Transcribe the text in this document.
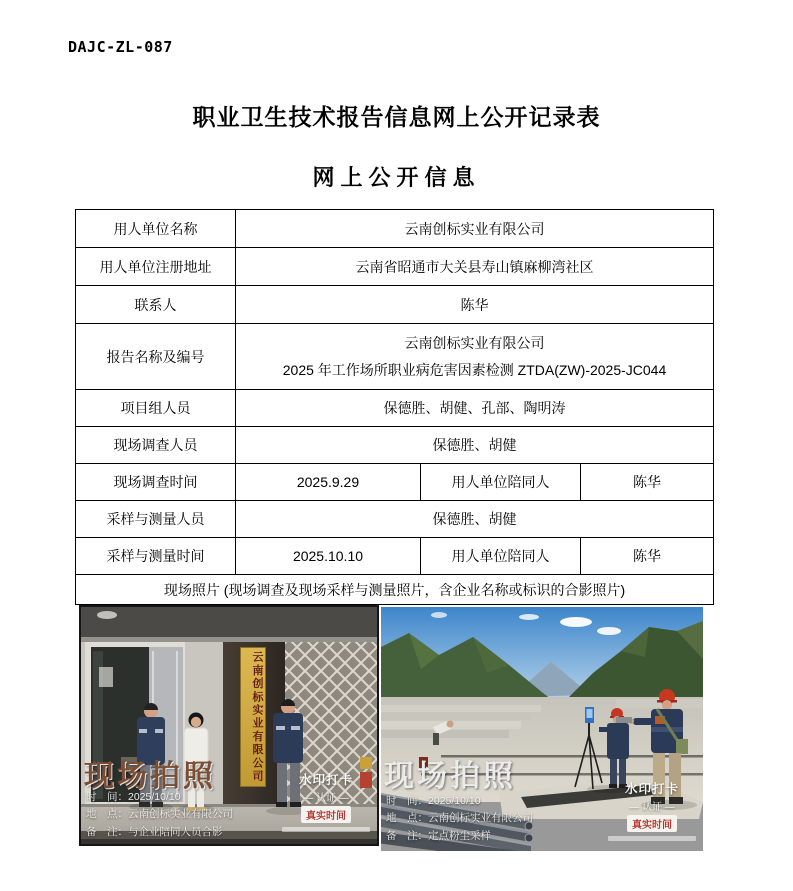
DAJC-ZL-087
职业卫生技术报告信息网上公开记录表
网上公开信息
用人单位名称	云南创标实业有限公司		
用人单位注册地址	云南省昭通市大关县寿山镇麻柳湾社区		
联系人	陈华		
报告名称及编号	云南创标实业有限公司
2025 年工作场所职业病危害因素检测 ZTDA(ZW)-2025-JC044		

项目组人员	保德胜、胡健、孔部、陶明涛		
现场调查人员	保德胜、胡健		
现场调查时间	2025.9.29	用人单位陪同人	陈华
采样与测量人员	保德胜、胡健		
采样与测量时间	2025.10.10	用人单位陪同人	陈华
现场照片 (现场调查及现场采样与测量照片，含企业名称或标识的合影照片)			
云南创标实业有限公司
现场拍照
时　间：2025/10/10
地　点：云南创标实业有限公司
备　注：与企业陪同人员合影
水印打卡
— 认证 —
真实时间
现场拍照
时　间：2025/10/10
地　点：云南创标实业有限公司
备　注：定点粉尘采样
水印打卡
— 认证 —
真实时间
